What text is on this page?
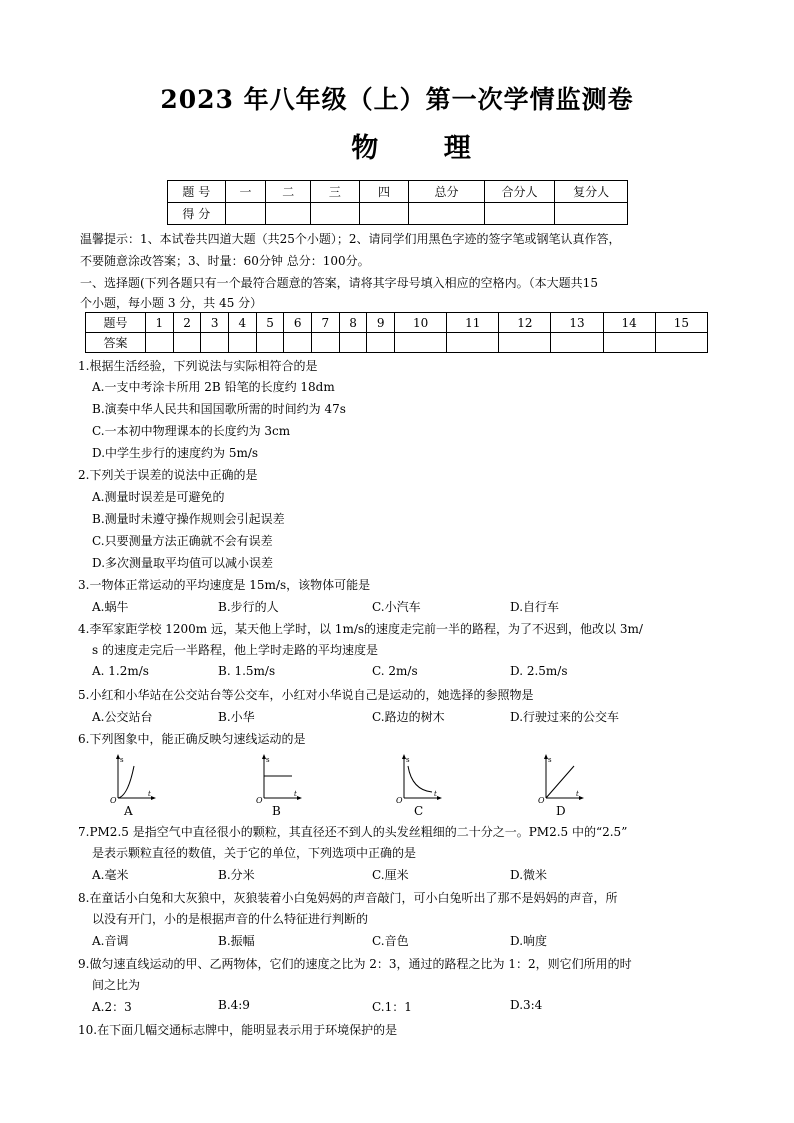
2023 年八年级（上）第一次学情监测卷
物 理
题 号	一	二	三	四	总分	合分人	复分人
得 分							
温馨提示：1、本试卷共四道大题（共25个小题）；2、请同学们用黑色字迹的签字笔或钢笔认真作答，
不要随意涂改答案；3、时量：60分钟 总分：100分。
一、选择题(下列各题只有一个最符合题意的答案，请将其字母号填入相应的空格内。（本大题共15
个小题，每小题 3 分，共 45 分）
题号	1	2	3	4	5	6	7	8	9	10	11	12	13	14	15
答案															
1.根据生活经验，下列说法与实际相符合的是
A.一支中考涂卡所用 2B 铅笔的长度约 18dm
B.演奏中华人民共和国国歌所需的时间约为 47s
C.一本初中物理课本的长度约为 3cm
D.中学生步行的速度约为 5m/s
2.下列关于误差的说法中正确的是
A.测量时误差是可避免的
B.测量时未遵守操作规则会引起误差
C.只要测量方法正确就不会有误差
D.多次测量取平均值可以减小误差
3.一物体正常运动的平均速度是 15m/s，该物体可能是
A.蜗牛	B.步行的人	C.小汽车	D.自行车
4.李军家距学校 1200m 远，某天他上学时，以 1m/s的速度走完前一半的路程，为了不迟到，他改以 3m/
s 的速度走完后一半路程，他上学时走路的平均速度是
A. 1.2m/s	B. 1.5m/s	C. 2m/s	D. 2.5m/s
5.小红和小华站在公交站台等公交车，小红对小华说自己是运动的，她选择的参照物是
A.公交站台	B.小华	C.路边的树木	D.行驶过来的公交车
6.下列图象中，能正确反映匀速线运动的是
s
t
O
A
s
t
O
B
s
t
O
C
s
t
O
D
7.PM2.5 是指空气中直径很小的颗粒，其直径还不到人的头发丝粗细的二十分之一。PM2.5 中的“2.5”
是表示颗粒直径的数值，关于它的单位，下列选项中正确的是
A.毫米	B.分米	C.厘米	D.微米
8.在童话小白兔和大灰狼中，灰狼装着小白兔妈妈的声音敲门，可小白兔听出了那不是妈妈的声音，所
以没有开门，小的是根据声音的什么特征进行判断的
A.音调	B.振幅	C.音色	D.响度
9.做匀速直线运动的甲、乙两物体，它们的速度之比为 2：3，通过的路程之比为 1：2，则它们所用的时
间之比为
A.2：3	B.4:9	C.1：1	D.3:4
10.在下面几幅交通标志牌中，能明显表示用于环境保护的是
